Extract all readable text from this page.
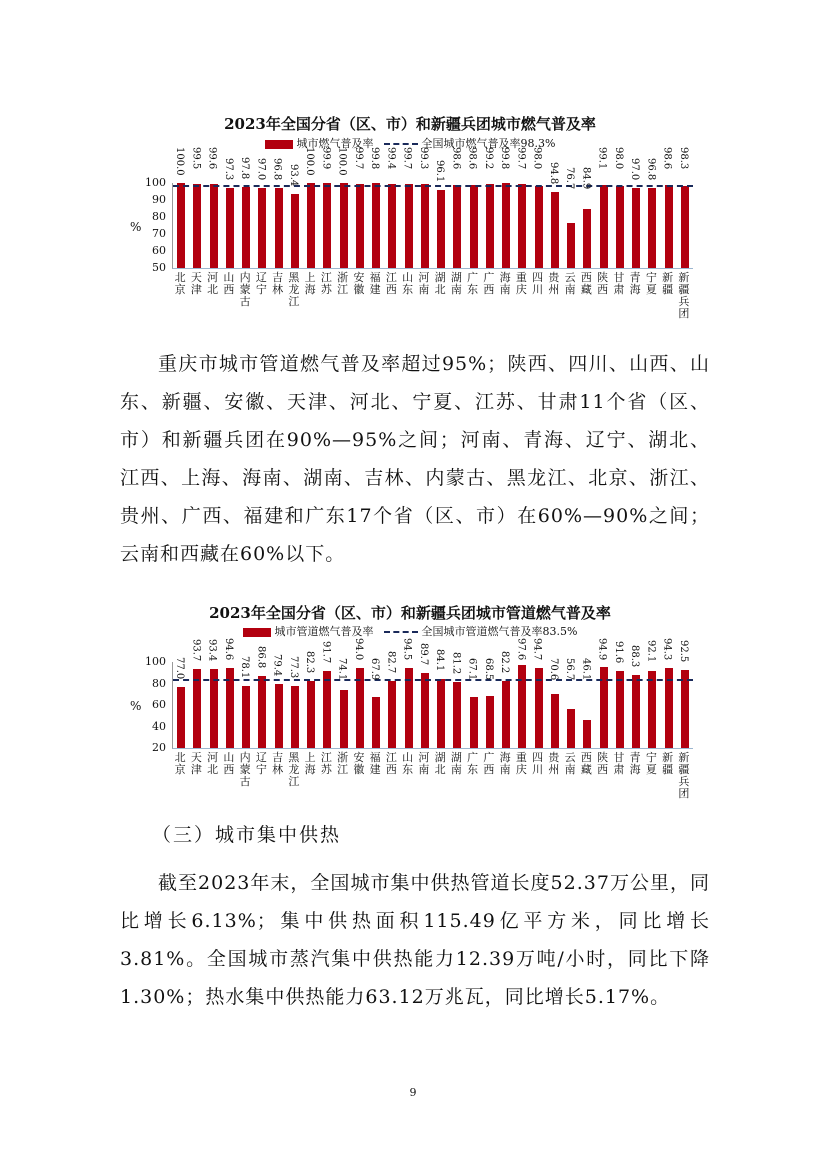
2023年全国分省（区、市）和新疆兵团城市燃气普及率
城市燃气普及率	全国城市燃气普及率98.3%
100
90
80
70
60
50
%
100.0
北京
99.5
天津
99.6
河北
97.3
山西
97.8
内蒙古
97.0
辽宁
96.8
吉林
93.4
黑龙江
100.0
上海
99.9
江苏
100.0
浙江
99.7
安徽
99.8
福建
99.4
江西
99.7
山东
99.3
河南
96.1
湖北
98.6
湖南
98.6
广东
99.2
广西
99.8
海南
99.7
重庆
98.0
四川
94.8
贵州
76.7
云南
84.9
西藏
99.1
陕西
98.0
甘肃
97.0
青海
96.8
宁夏
98.6
新疆
98.3
新疆兵团
2023年全国分省（区、市）和新疆兵团城市管道燃气普及率
城市管道燃气普及率	全国城市管道燃气普及率83.5%
100
80
60
40
20
%
77.0
北京
93.7
天津
93.4
河北
94.6
山西
78.1
内蒙古
86.8
辽宁
79.4
吉林
77.3
黑龙江
82.3
上海
91.7
江苏
74.1
浙江
94.0
安徽
67.9
福建
82.7
江西
94.5
山东
89.7
河南
84.1
湖北
81.2
湖南
67.1
广东
68.5
广西
82.2
海南
97.6
重庆
94.7
四川
70.6
贵州
56.7
云南
46.1
西藏
94.9
陕西
91.6
甘肃
88.3
青海
92.1
宁夏
94.3
新疆
92.5
新疆兵团
重庆市城市管道燃气普及率超过95%；陕西、四川、山西、山东、新疆、安徽、天津、河北、宁夏、江苏、甘肃11个省（区、市）和新疆兵团在90%—95%之间；河南、青海、辽宁、湖北、江西、上海、海南、湖南、吉林、内蒙古、黑龙江、北京、浙江、贵州、广西、福建和广东17个省（区、市）在60%—90%之间；云南和西藏在60%以下。
（三）城市集中供热
截至2023年末，全国城市集中供热管道长度52.37万公里，同比增长6.13%；集中供热面积115.49亿平方米，同比增长3.81%。全国城市蒸汽集中供热能力12.39万吨/小时，同比下降1.30%；热水集中供热能力63.12万兆瓦，同比增长5.17%。
9
